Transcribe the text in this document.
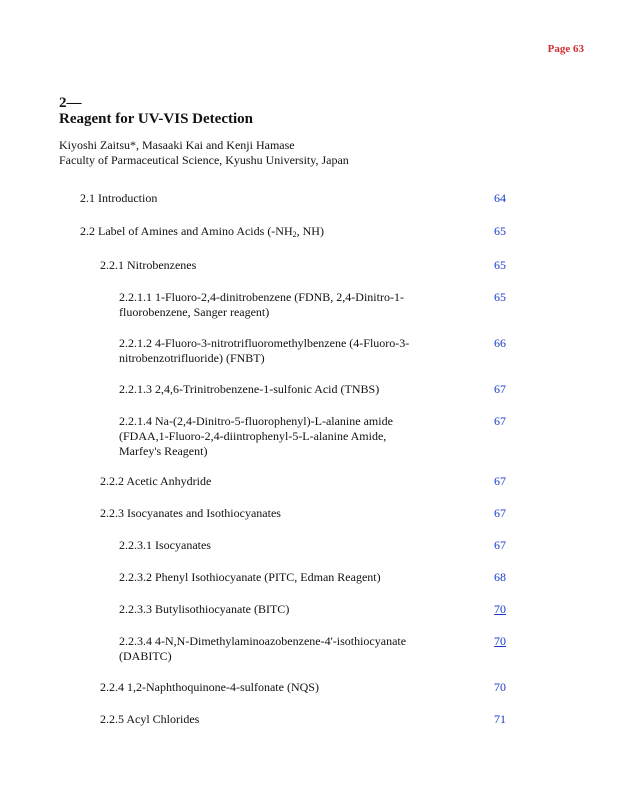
Page 63
2—
Reagent for UV-VIS Detection
Kiyoshi Zaitsu*, Masaaki Kai and Kenji Hamase
Faculty of Parmaceutical Science, Kyushu University, Japan
2.1 Introduction	64
2.2 Label of Amines and Amino Acids ($-NH_2$, NH)	65
2.2.1 Nitrobenzenes	65
2.2.1.1 1-Fluoro-2,4-dinitrobenzene (FDNB, 2,4-Dinitro-1-fluorobenzene, Sanger reagent)
65
2.2.1.2 4-Fluoro-3-nitrotrifluoromethylbenzene (4-Fluoro-3-nitrobenzotrifluoride) (FNBT)
66
2.2.1.3 2,4,6-Trinitrobenzene-1-sulfonic Acid (TNBS)	67
2.2.1.4 Na-(2,4-Dinitro-5-fluorophenyl)-L-alanine amide (FDAA,1-Fluoro-2,4-diintrophenyl-5-L-alanine Amide, Marfey's Reagent)
67
2.2.2 Acetic Anhydride	67
2.2.3 Isocyanates and Isothiocyanates	67
2.2.3.1 Isocyanates	67
2.2.3.2 Phenyl Isothiocyanate (PITC, Edman Reagent)	68
2.2.3.3 Butylisothiocyanate (BITC)	70
2.2.3.4 4-N,N-Dimethylaminoazobenzene-4'-isothiocyanate (DABITC)
70
2.2.4 1,2-Naphthoquinone-4-sulfonate (NQS)	70
2.2.5 Acyl Chlorides	71
